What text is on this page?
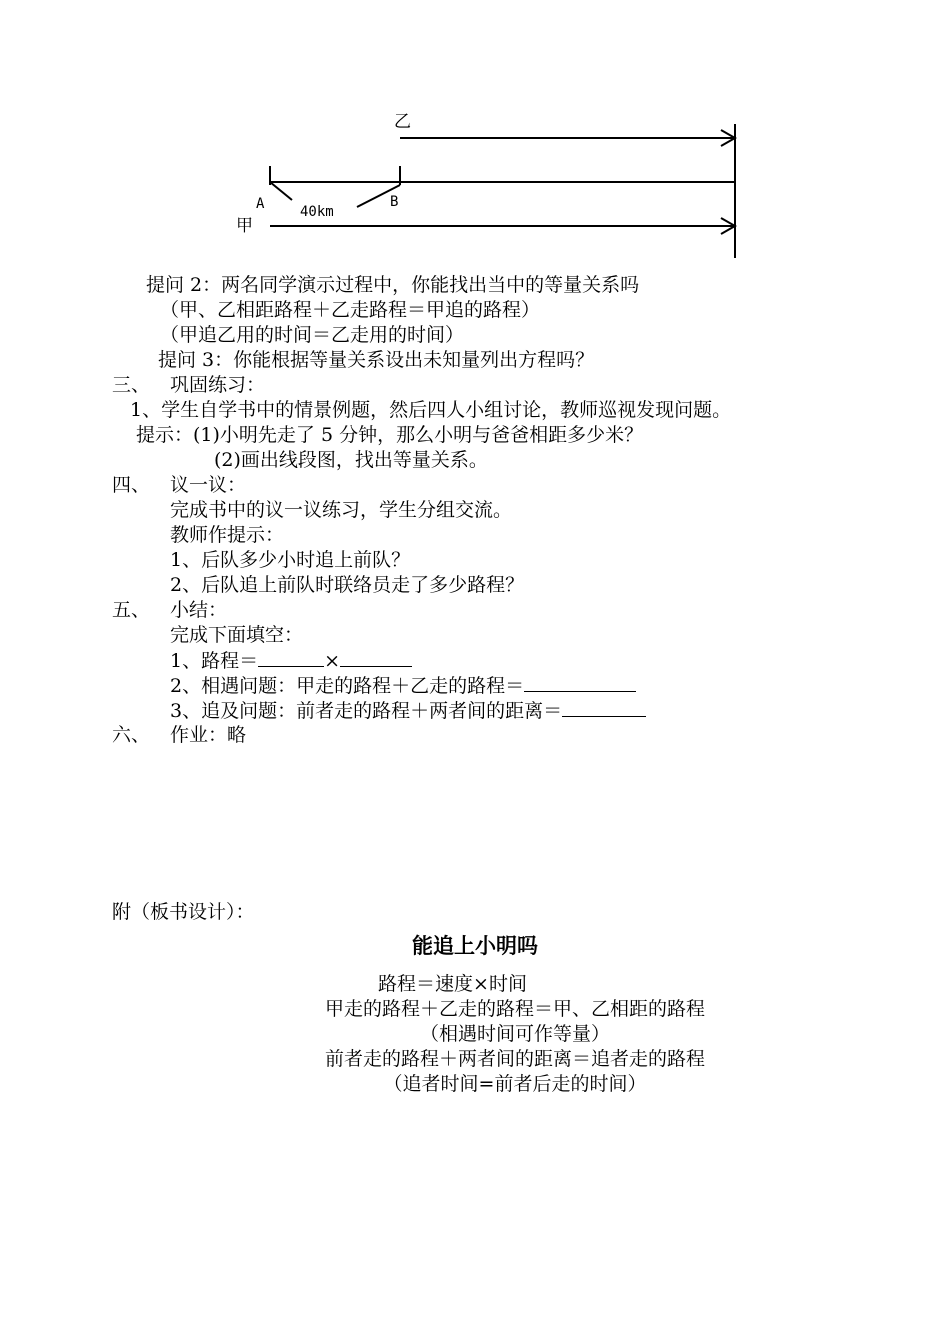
乙
A	B
40km
甲
提问 2：两名同学演示过程中，你能找出当中的等量关系吗
（甲、乙相距路程＋乙走路程＝甲追的路程）
（甲追乙用的时间＝乙走用的时间）
提问 3：你能根据等量关系设出未知量列出方程吗？
三、 巩固练习：
1、学生自学书中的情景例题，然后四人小组讨论，教师巡视发现问题。
提示：(1)小明先走了 5 分钟，那么小明与爸爸相距多少米？
(2)画出线段图，找出等量关系。
四、 议一议：
完成书中的议一议练习，学生分组交流。
教师作提示：
1、后队多少小时追上前队？
2、后队追上前队时联络员走了多少路程？
五、 小结：
完成下面填空：
1、路程＝	×
2、相遇问题：甲走的路程＋乙走的路程＝
3、追及问题：前者走的路程＋两者间的距离＝
六、 作业：略
附（板书设计）：
能追上小明吗
路程＝速度×时间
甲走的路程＋乙走的路程＝甲、乙相距的路程
（相遇时间可作等量）
前者走的路程＋两者间的距离＝追者走的路程
（追者时间=前者后走的时间）
